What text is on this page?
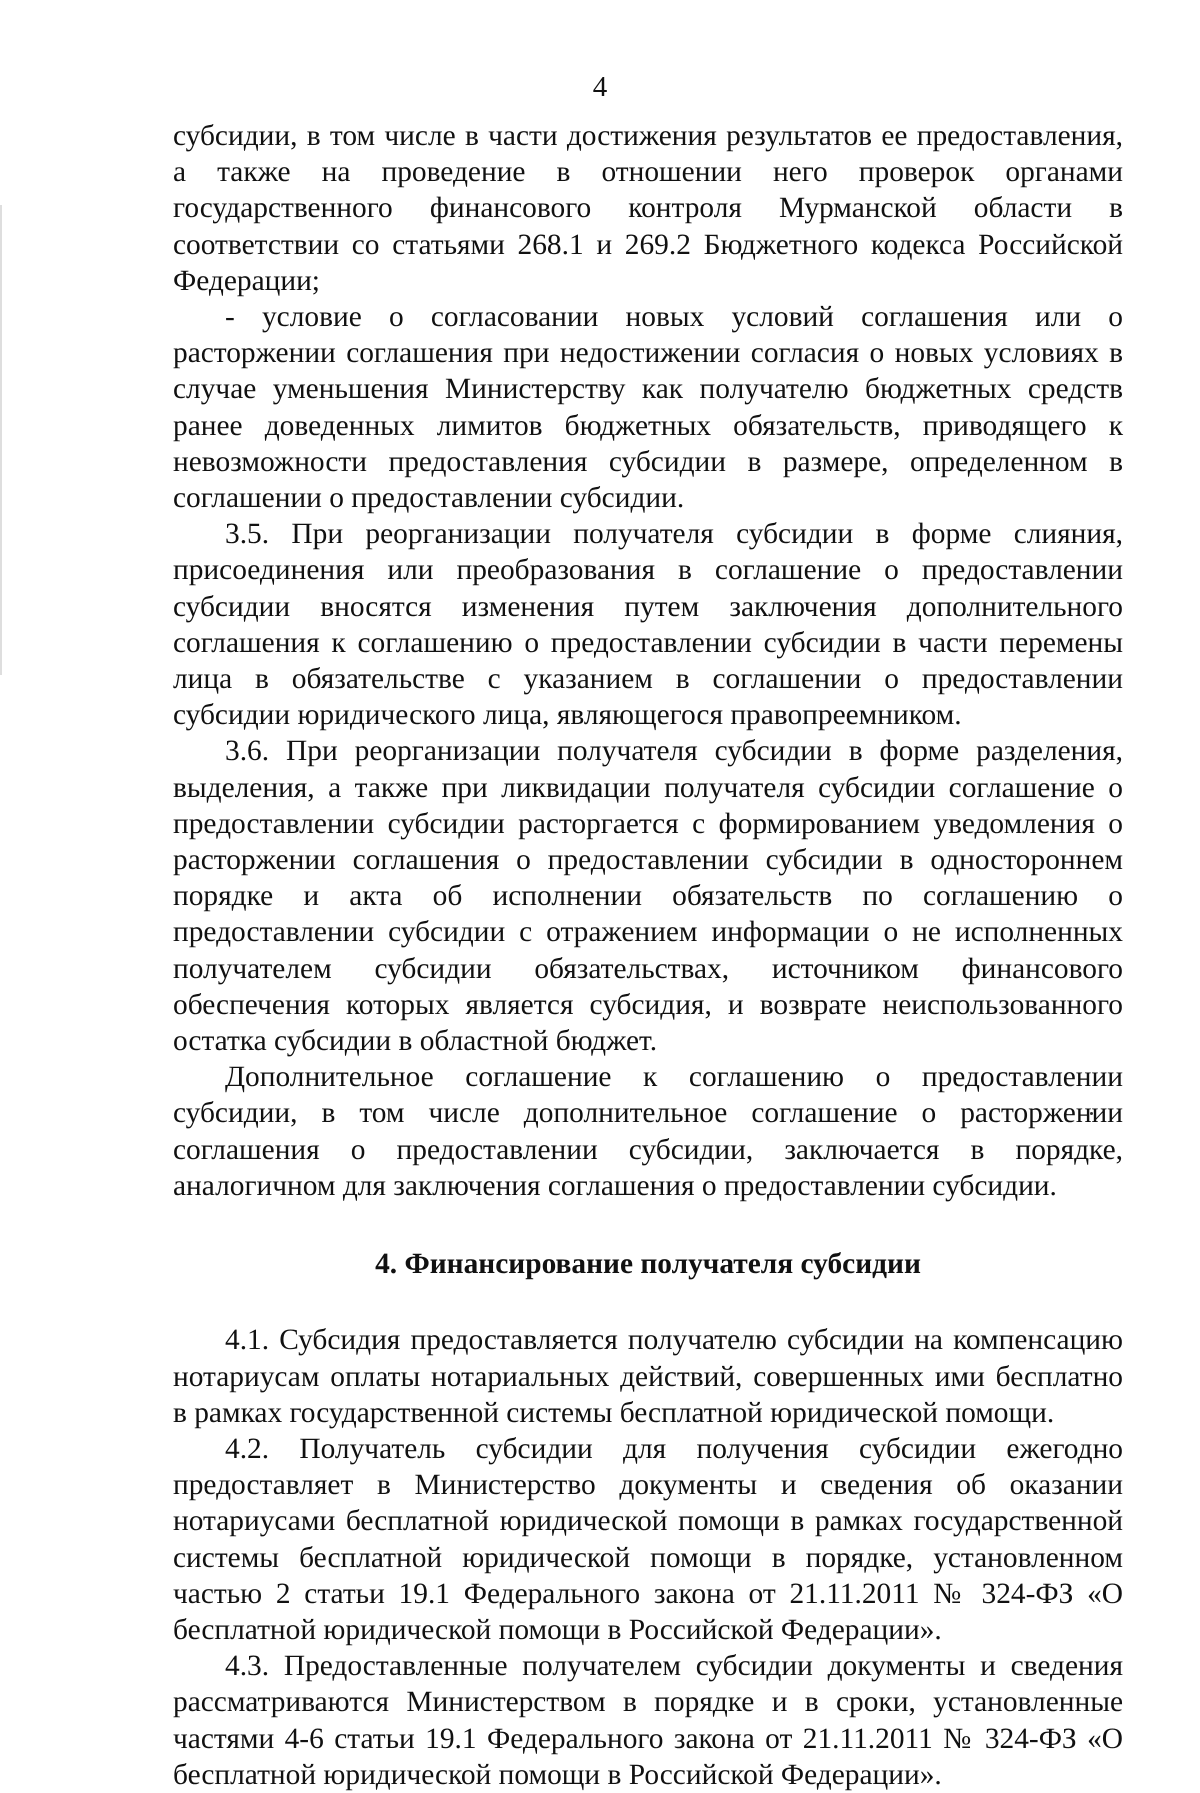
4

субсидии, в том числе в части достижения результатов ее предоставления, а также на проведение в отношении него проверок органами государственного финансового контроля Мурманской области в соответствии со статьями 268.1 и 269.2 Бюджетного кодекса Российской Федерации;

- условие о согласовании новых условий соглашения или о расторжении соглашения при недостижении согласия о новых условиях в случае уменьшения Министерству как получателю бюджетных средств ранее доведенных лимитов бюджетных обязательств, приводящего к невозможности предоставления субсидии в размере, определенном в соглашении о предоставлении субсидии.

3.5. При реорганизации получателя субсидии в форме слияния, присоединения или преобразования в соглашение о предоставлении субсидии вносятся изменения путем заключения дополнительного соглашения к соглашению о предоставлении субсидии в части перемены лица в обязательстве с указанием в соглашении о предоставлении субсидии юридического лица, являющегося правопреемником.

3.6. При реорганизации получателя субсидии в форме разделения, выделения, а также при ликвидации получателя субсидии соглашение о предоставлении субсидии расторгается с формированием уведомления о расторжении соглашения о предоставлении субсидии в одностороннем порядке и акта об исполнении обязательств по соглашению о предоставлении субсидии с отражением информации о не исполненных получателем субсидии обязательствах, источником финансового обеспечения которых является субсидия, и возврате неиспользованного остатка субсидии в областной бюджет.

Дополнительное соглашение к соглашению о предоставлении субсидии, в том числе дополнительное соглашение о расторжении соглашения о предоставлении субсидии, заключается в порядке, аналогичном для заключения соглашения о предоставлении субсидии.

4. Финансирование получателя субсидии

4.1. Субсидия предоставляется получателю субсидии на компенсацию нотариусам оплаты нотариальных действий, совершенных ими бесплатно в рамках государственной системы бесплатной юридической помощи.

4.2. Получатель субсидии для получения субсидии ежегодно предоставляет в Министерство документы и сведения об оказании нотариусами бесплатной юридической помощи в рамках государственной системы бесплатной юридической помощи в порядке, установленном частью 2 статьи 19.1 Федерального закона от 21.11.2011 № 324-ФЗ «О бесплатной юридической помощи в Российской Федерации».

4.3. Предоставленные получателем субсидии документы и сведения рассматриваются Министерством в порядке и в сроки, установленные частями 4-6 статьи 19.1 Федерального закона от 21.11.2011 № 324-ФЗ «О бесплатной юридической помощи в Российской Федерации».
